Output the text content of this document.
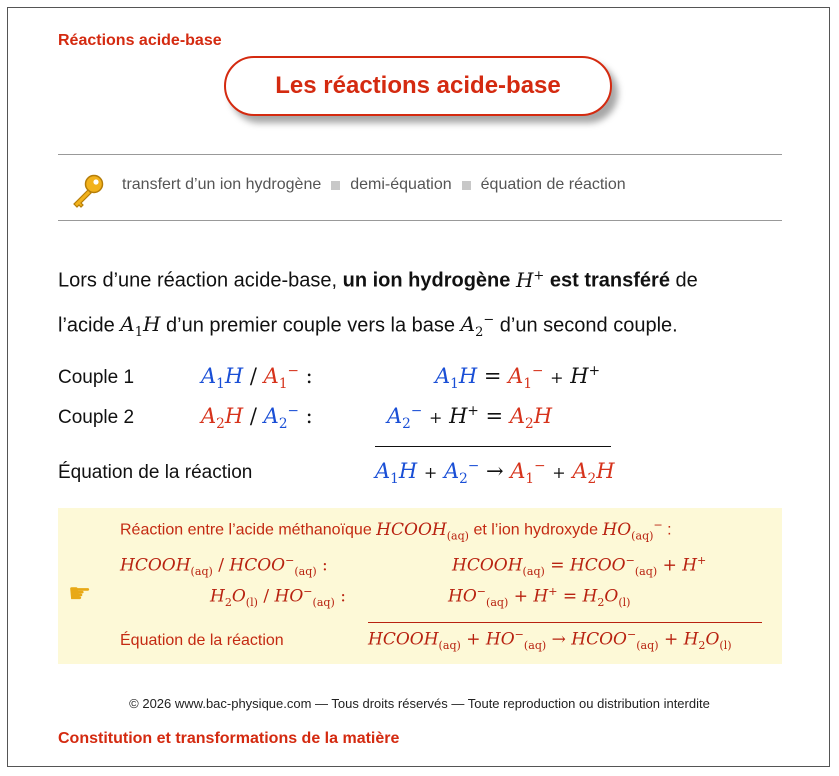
Réactions acide-base
Les réactions acide-base
transfert d’un ion hydrogène demi-équation équation de réaction
Lors d’une réaction acide-base, un ion hydrogène H+ est transféré de
l’acide $A_1H$ d’un premier couple vers la base $A_2^-$ d’un second couple.
Couple 1	$A_1H / A_1^-$ :	$A_1H = A_1^- + H^+$
Couple 2	$A_2H / A_2^-$ :	$A_2^- + H^+ = A_2H$
Équation de la réaction	$A_1H + A_2^- \to A_1^- + A_2H$
☛
Réaction entre l’acide méthanoïque $HCOOH_{(aq)}$ et l’ion hydroxyde $HO_{(aq)}^-$ :
$HCOOH_{(aq)}$ / $HCOO^-_{(aq)}$ :	$HCOOH_{(aq)}$ = $HCOO^-_{(aq)} + H^+$
$H_2O_{(l)} / HO^-_{(aq)}$ :	$HO^-_{(aq)} + H^+ = H_2O_{(l)}$
Équation de la réaction	$HCOOH_{(aq)} + HO^-_{(aq)}$ → $HCOO^-_{(aq)} + H_2O_{(l)}$
© 2026 www.bac-physique.com — Tous droits réservés — Toute reproduction ou distribution interdite
Constitution et transformations de la matière
